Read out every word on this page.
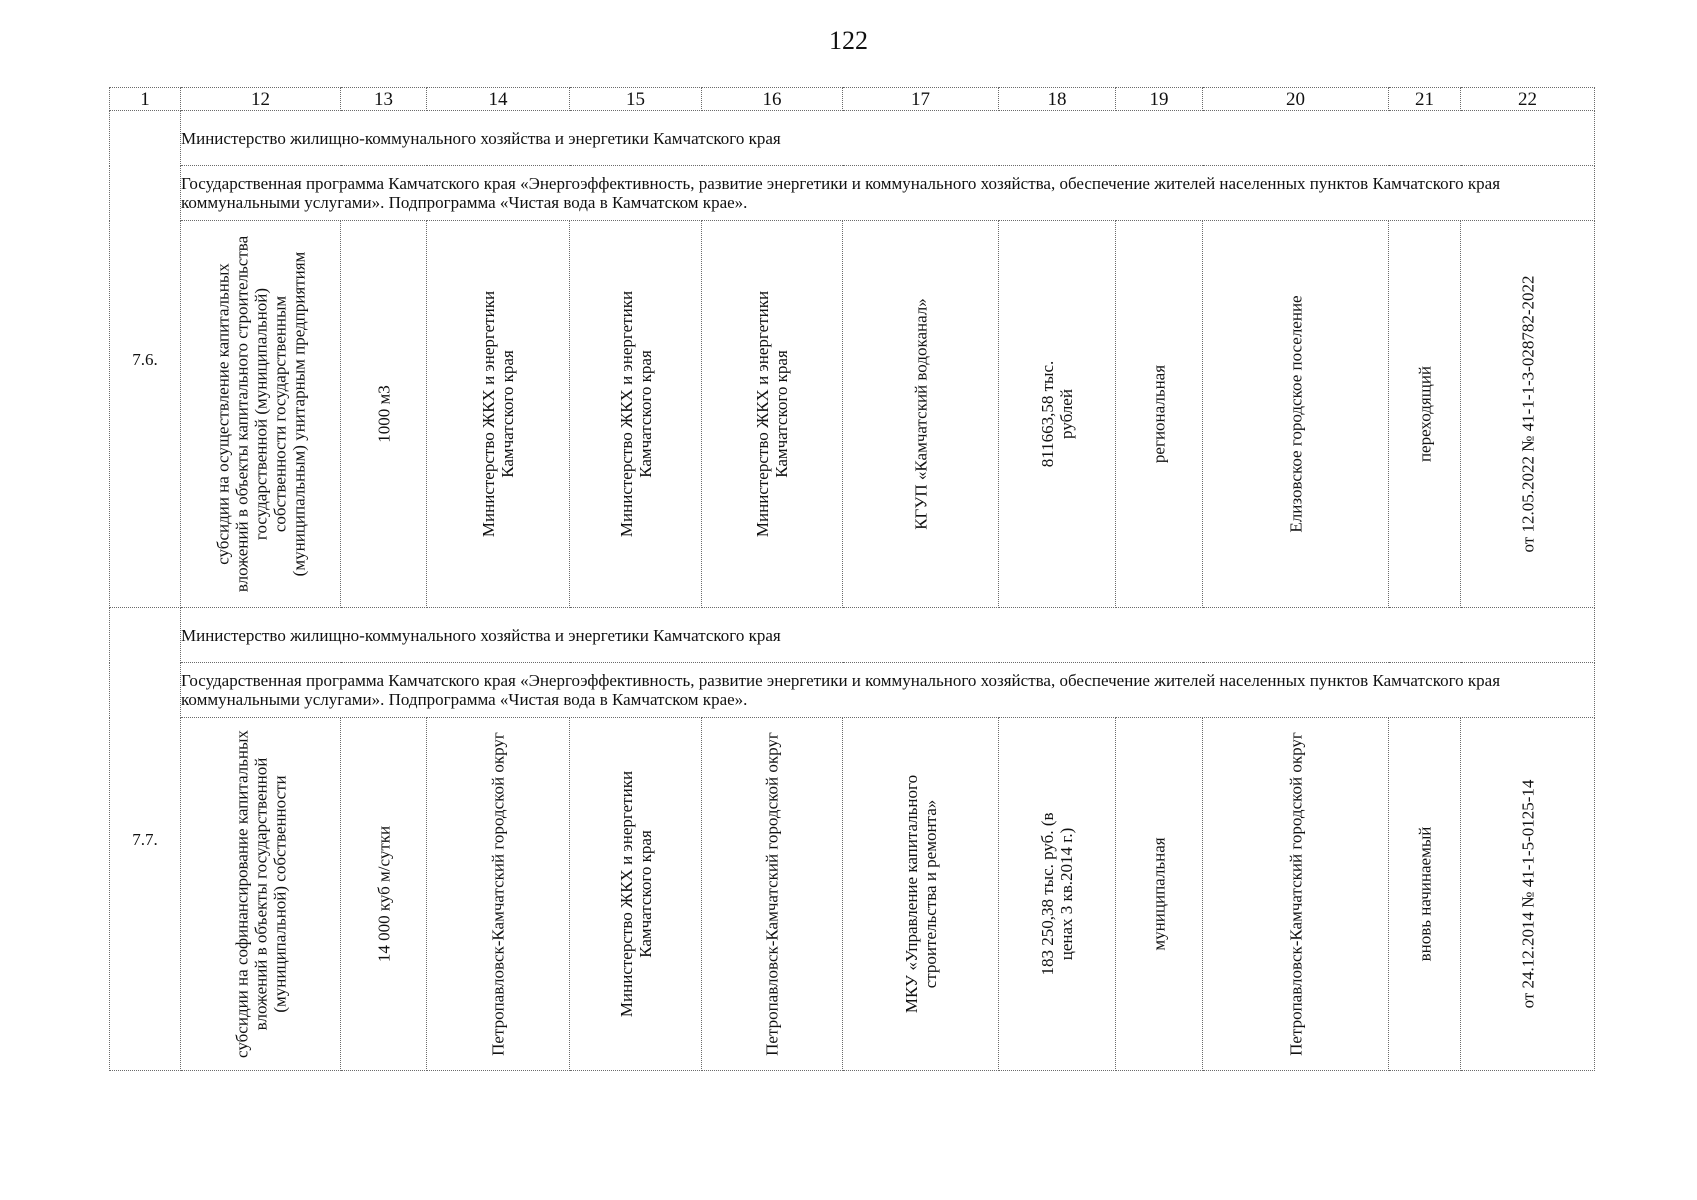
122
1	12	13	14	15	16	17	18	19	20	21	22
7.6.	Министерство жилищно-коммунального хозяйства и энергетики Камчатского края										
	Государственная программа Камчатского края «Энергоэффективность, развитие энергетики и коммунального хозяйства, обеспечение жителей населенных пунктов Камчатского края коммунальными услугами». Подпрограмма «Чистая вода в Камчатском крае».										

	субсидии на осуществление капитальных вложений в объекты капитального строительства государственной (муниципальной) собственности государственным (муниципальным) унитарным предприятиям	1000 м3	Министерство ЖКХ и энергетики Камчатского края	Министерство ЖКХ и энергетики Камчатского края	Министерство ЖКХ и энергетики Камчатского края	КГУП «Камчатский водоканал»	811663,58 тыс. рублей	региональная	Елизовское городское поселение	переходящий	от 12.05.2022 № 41-1-1-3-028782-2022

7.7.	Министерство жилищно-коммунального хозяйства и энергетики Камчатского края										
	Государственная программа Камчатского края «Энергоэффективность, развитие энергетики и коммунального хозяйства, обеспечение жителей населенных пунктов Камчатского края коммунальными услугами». Подпрограмма «Чистая вода в Камчатском крае».										

	субсидии на софинансирование капитальных вложений в объекты государственной (муниципальной) собственности	14 000 куб м/сутки	Петропавловск-Камчатский городской округ	Министерство ЖКХ и энергетики Камчатского края	Петропавловск-Камчатский городской округ	МКУ «Управление капитального строительства и ремонта»	183 250,38 тыс. руб. (в ценах 3 кв.2014 г.)	муниципальная	Петропавловск-Камчатский городской округ	вновь начинаемый	от 24.12.2014 № 41-1-5-0125-14
